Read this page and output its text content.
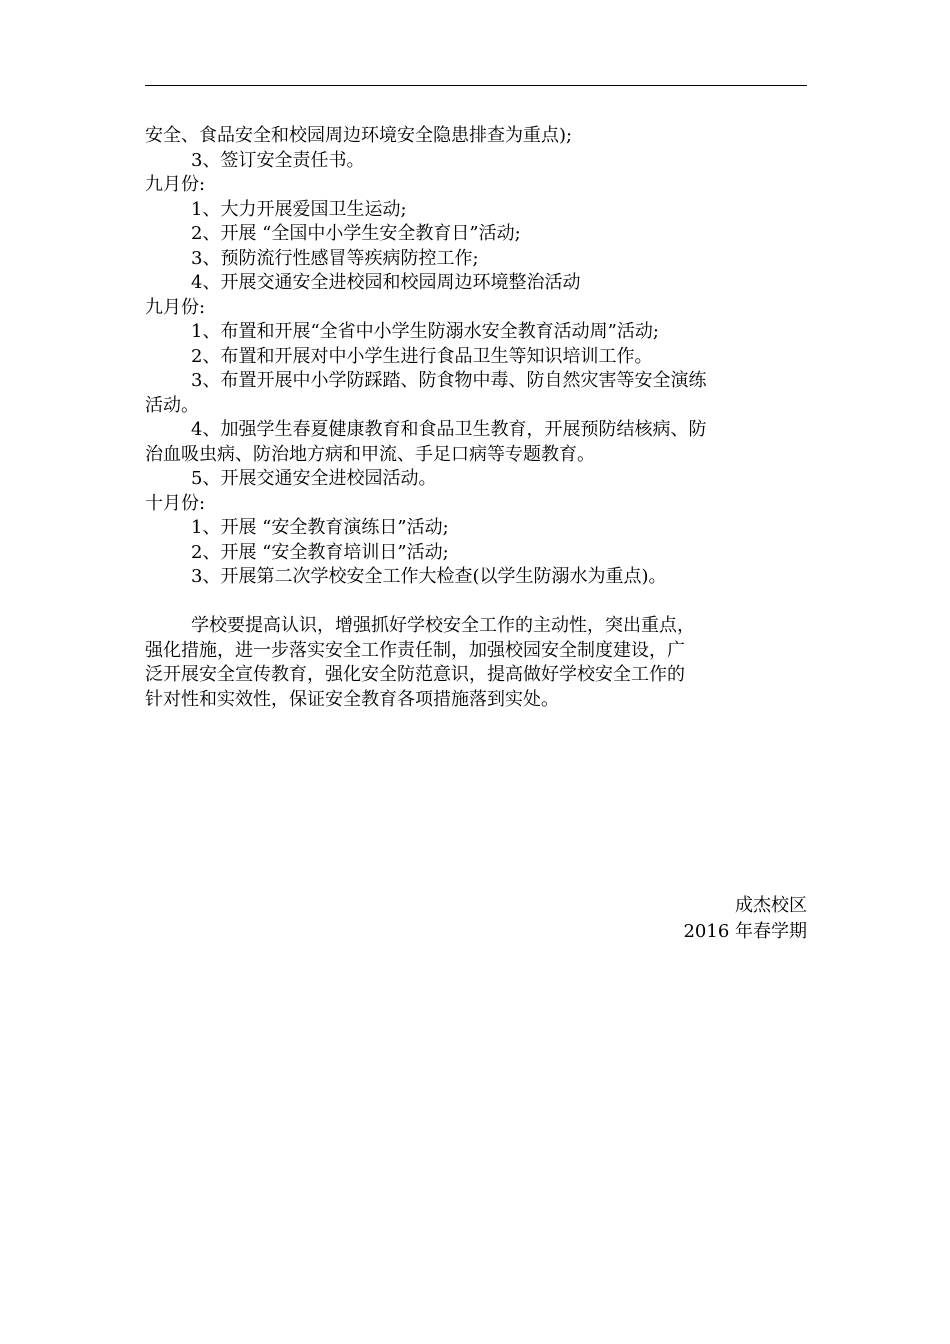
安全、食品安全和校园周边环境安全隐患排查为重点);
3、签订安全责任书。
九月份:
1、大力开展爱国卫生运动;
2、开展 “全国中小学生安全教育日”活动;
3、预防流行性感冒等疾病防控工作;
4、开展交通安全进校园和校园周边环境整治活动
九月份:
1、布置和开展“全省中小学生防溺水安全教育活动周”活动;
2、布置和开展对中小学生进行食品卫生等知识培训工作。
3、布置开展中小学防踩踏、防食物中毒、防自然灾害等安全演练
活动。
4、加强学生春夏健康教育和食品卫生教育，开展预防结核病、防
治血吸虫病、防治地方病和甲流、手足口病等专题教育。
5、开展交通安全进校园活动。
十月份:
1、开展 “安全教育演练日”活动;
2、开展 “安全教育培训日”活动;
3、开展第二次学校安全工作大检查(以学生防溺水为重点)。
学校要提高认识，增强抓好学校安全工作的主动性，突出重点，
强化措施，进一步落实安全工作责任制，加强校园安全制度建设，广
泛开展安全宣传教育，强化安全防范意识，提高做好学校安全工作的
针对性和实效性，保证安全教育各项措施落到实处。
成杰校区
2016 年春学期
